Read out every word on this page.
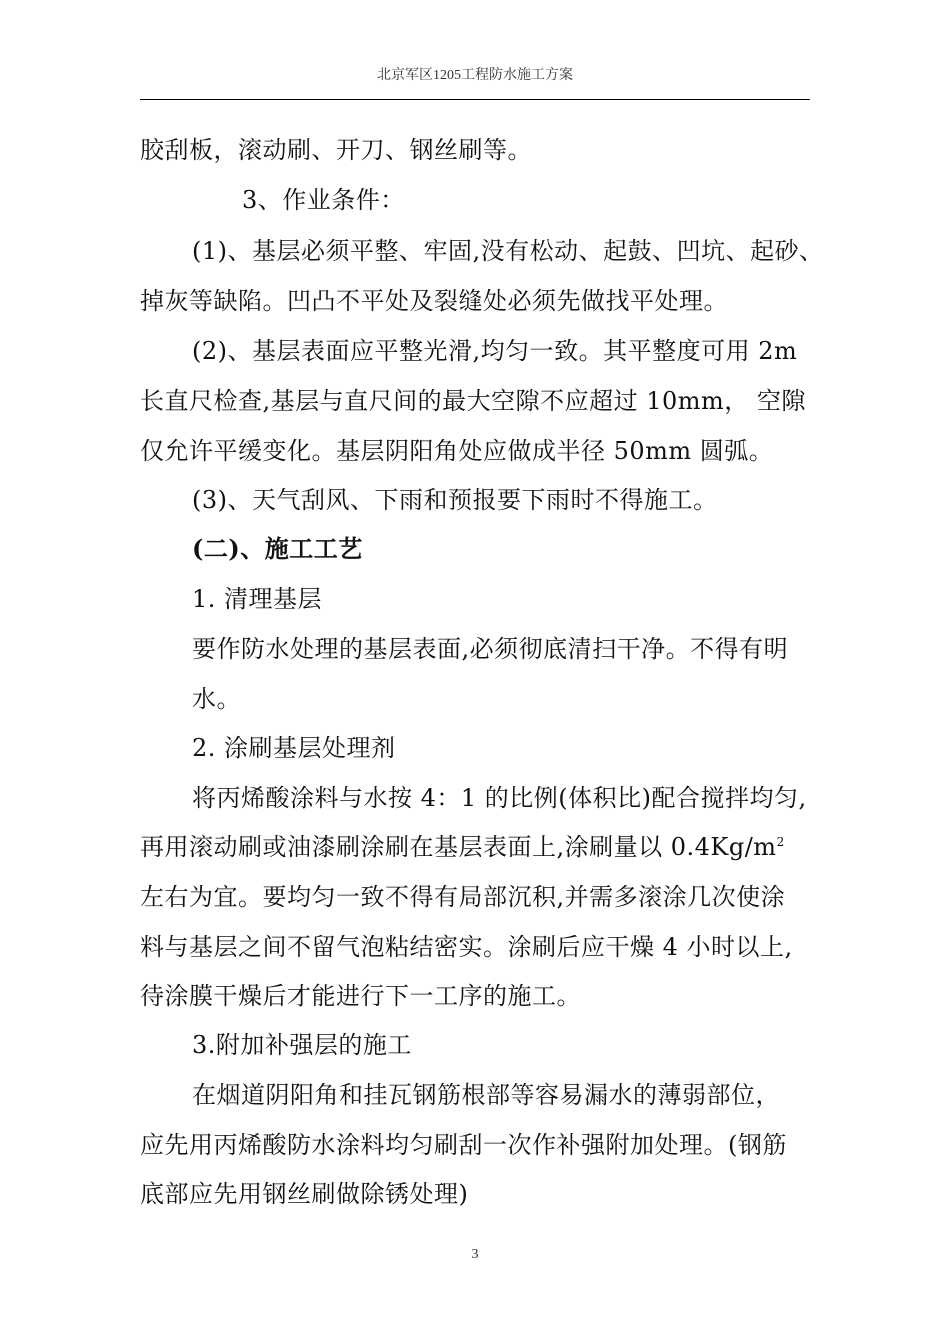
北京军区1205工程防水施工方案
胶刮板，滚动刷、开刀、钢丝刷等。
3、作业条件：
(1)、基层必须平整、牢固,没有松动、起鼓、凹坑、起砂、
掉灰等缺陷。凹凸不平处及裂缝处必须先做找平处理。
(2)、基层表面应平整光滑,均匀一致。其平整度可用 2m
长直尺检查,基层与直尺间的最大空隙不应超过 10mm， 空隙
仅允许平缓变化。基层阴阳角处应做成半径 50mm 圆弧。
(3)、天气刮风、下雨和预报要下雨时不得施工。
(二)、施工工艺
1. 清理基层
要作防水处理的基层表面,必须彻底清扫干净。不得有明
水。
2. 涂刷基层处理剂
将丙烯酸涂料与水按 4：1 的比例(体积比)配合搅拌均匀,
再用滚动刷或油漆刷涂刷在基层表面上,涂刷量以 $0.4Kg/m^2$
左右为宜。要均匀一致不得有局部沉积,并需多滚涂几次使涂
料与基层之间不留气泡粘结密实。涂刷后应干燥 4 小时以上,
待涂膜干燥后才能进行下一工序的施工。
3.附加补强层的施工
在烟道阴阳角和挂瓦钢筋根部等容易漏水的薄弱部位，
应先用丙烯酸防水涂料均匀刷刮一次作补强附加处理。(钢筋
底部应先用钢丝刷做除锈处理)
3
